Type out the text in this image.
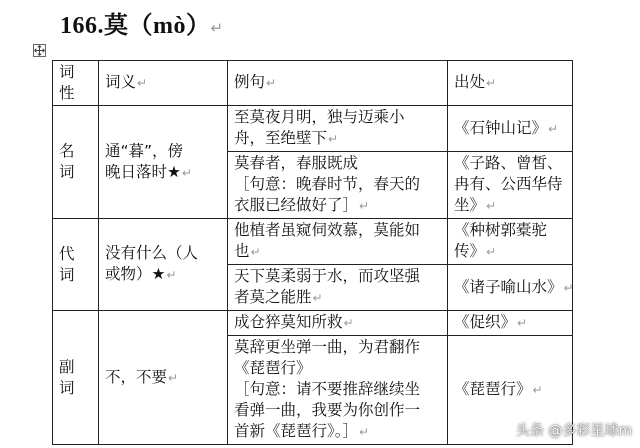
166.莫（mò）↵
词
性	词义↵	例句↵	出处↵

名
词	通“暮”，傍
晚日落时★↵	至莫夜月明，独与迈乘小
舟，至绝壁下↵	《石钟山记》↵

		莫春者，春服既成
［句意：晚春时节，春天的
衣服已经做好了］↵	《子路、曾皙、
冉有、公西华侍
坐》↵

代
词	没有什么（人
或物）★↵	他植者虽窥伺效慕，莫能如
也↵	《种树郭橐驼
传》↵

		天下莫柔弱于水，而攻坚强
者莫之能胜↵	《诸子喻山水》↵

副
词	不，不要↵	成仓猝莫知所救↵	《促织》↵

		莫辞更坐弹一曲，为君翻作
《琵琶行》
［句意：请不要推辞继续坐
看弹一曲，我要为你创作一
首新《琵琶行》。］↵	《琵琶行》↵
头条 @多彩星球m
